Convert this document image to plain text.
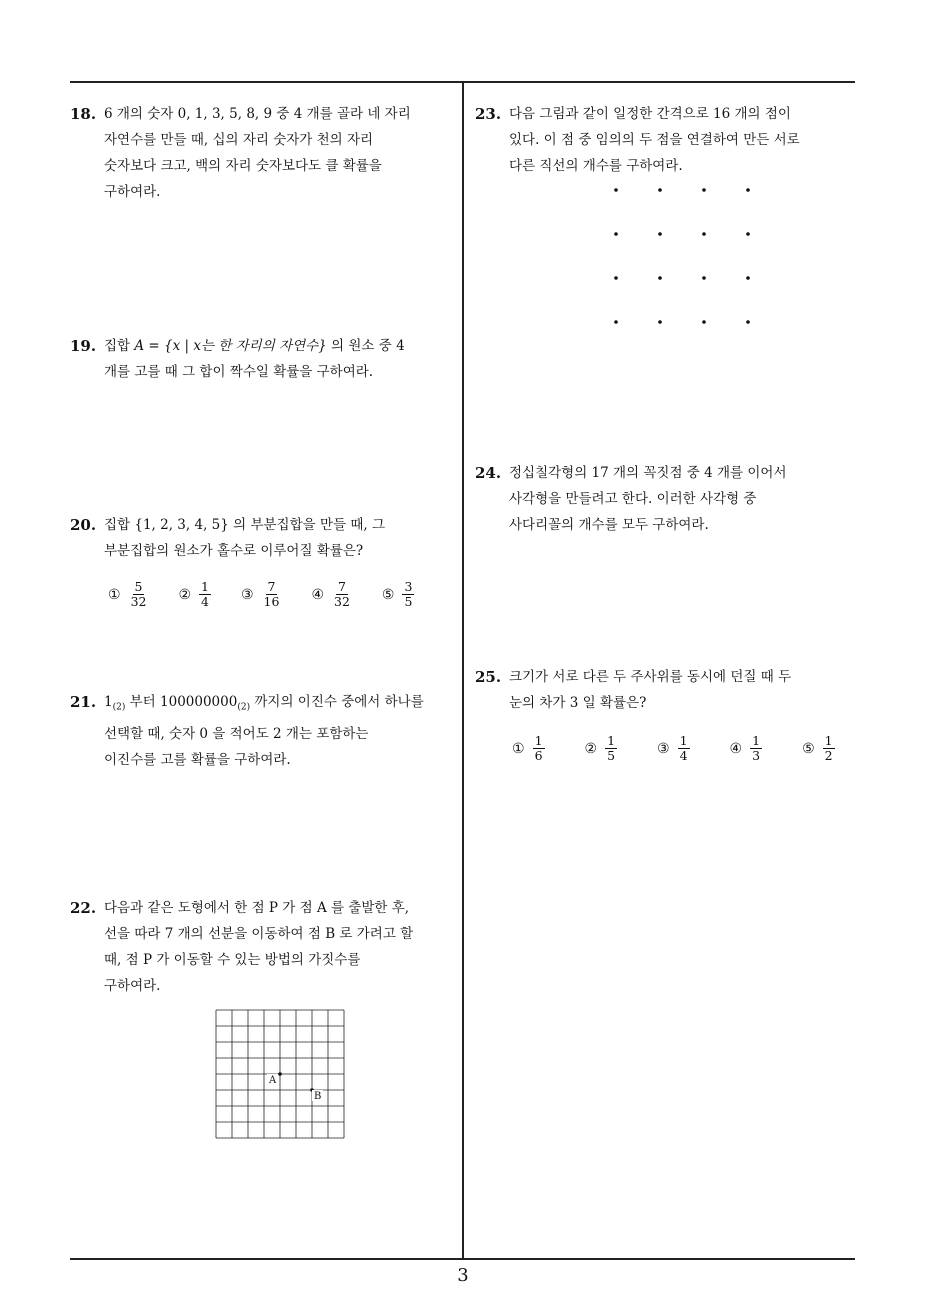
18. 6 개의 숫자 0, 1, 3, 5, 8, 9 중 4 개를 골라 네 자리
자연수를 만들 때, 십의 자리 숫자가 천의 자리
숫자보다 크고, 백의 자리 숫자보다도 클 확률을
구하여라.
19. 집합 A = {x | x는 한 자리의 자연수} 의 원소 중 4
개를 고를 때 그 합이 짝수일 확률을 구하여라.
20. 집합 {1, 2, 3, 4, 5} 의 부분집합을 만들 때, 그
부분집합의 원소가 홀수로 이루어질 확률은?
① $\frac{5}{32}$ ② $\frac{1}{4}$ ③ $\frac{7}{16}$ ④ $\frac{7}{32}$ ⑤ $\frac{3}{5}$
21. $1_{(2)}$ 부터 $100000000_{(2)}$ 까지의 이진수 중에서 하나를
선택할 때, 숫자 0 을 적어도 2 개는 포함하는
이진수를 고를 확률을 구하여라.
22. 다음과 같은 도형에서 한 점 P 가 점 A 를 출발한 후,
선을 따라 7 개의 선분을 이동하여 점 B 로 가려고 할
때, 점 P 가 이동할 수 있는 방법의 가짓수를
구하여라.
A
B
23. 다음 그림과 같이 일정한 간격으로 16 개의 점이
있다. 이 점 중 임의의 두 점을 연결하여 만든 서로
다른 직선의 개수를 구하여라.
24. 정십칠각형의 17 개의 꼭짓점 중 4 개를 이어서
사각형을 만들려고 한다. 이러한 사각형 중
사다리꼴의 개수를 모두 구하여라.
25. 크기가 서로 다른 두 주사위를 동시에 던질 때 두
눈의 차가 3 일 확률은?
① $\frac{1}{6}$	② $\frac{1}{5}$	③ $\frac{1}{4}$	④ $\frac{1}{3}$	⑤ $\frac{1}{2}$
3
